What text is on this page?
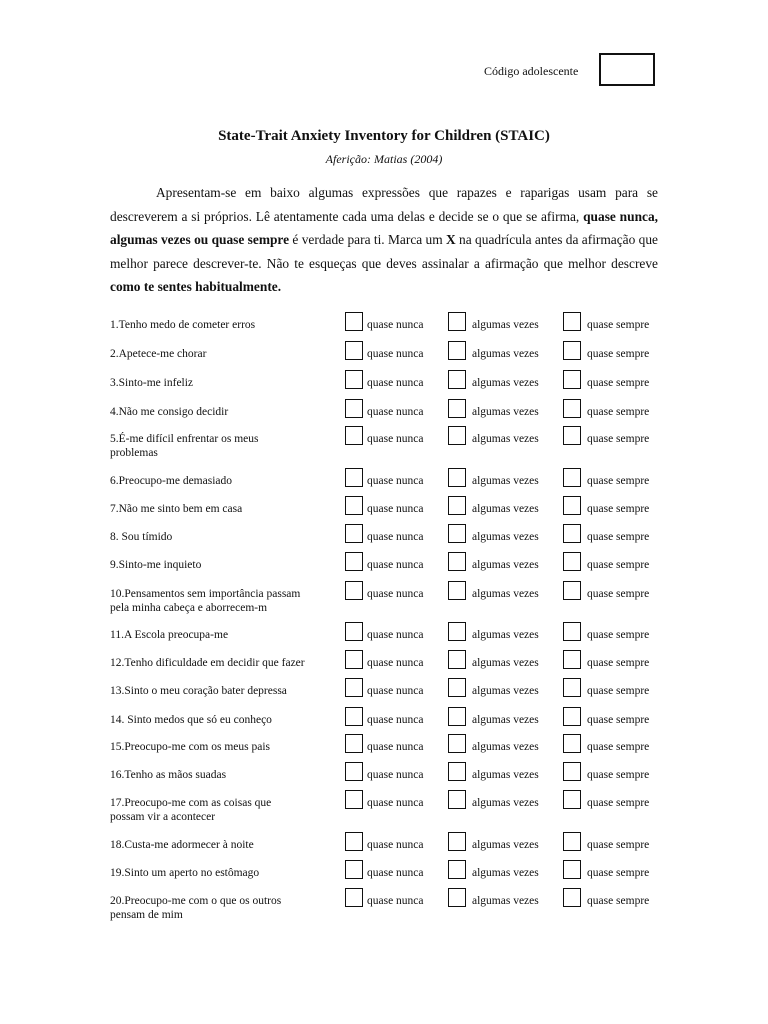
Código adolescente
State-Trait Anxiety Inventory for Children (STAIC)
Aferição: Matias (2004)

Apresentam-se em baixo algumas expressões que rapazes e raparigas usam para se descreverem a si próprios. Lê atentamente cada uma delas e decide se o que se afirma, quase nunca, algumas vezes ou quase sempre é verdade para ti. Marca um X na quadrícula antes da afirmação que melhor parece descrever-te. Não te esqueças que deves assinalar a afirmação que melhor descreve como te sentes habitualmente.

1.Tenho medo de cometer erros	quase nunca	algumas vezes	quase sempre
2.Apetece-me chorar	quase nunca	algumas vezes	quase sempre
3.Sinto-me infeliz	quase nunca	algumas vezes	quase sempre
4.Não me consigo decidir	quase nunca	algumas vezes	quase sempre
5.É-me difícil enfrentar os meus
problemas
quase nunca	algumas vezes	quase sempre
6.Preocupo-me demasiado	quase nunca	algumas vezes	quase sempre
7.Não me sinto bem em casa	quase nunca	algumas vezes	quase sempre
8. Sou tímido	quase nunca	algumas vezes	quase sempre
9.Sinto-me inquieto	quase nunca	algumas vezes	quase sempre
10.Pensamentos sem importância passam
pela minha cabeça e aborrecem-m
quase nunca	algumas vezes	quase sempre
11.A Escola preocupa-me	quase nunca	algumas vezes	quase sempre
12.Tenho dificuldade em decidir que fazer	quase nunca	algumas vezes	quase sempre
13.Sinto o meu coração bater depressa	quase nunca	algumas vezes	quase sempre
14. Sinto medos que só eu conheço	quase nunca	algumas vezes	quase sempre
15.Preocupo-me com os meus pais	quase nunca	algumas vezes	quase sempre
16.Tenho as mãos suadas	quase nunca	algumas vezes	quase sempre
17.Preocupo-me com as coisas que
possam vir a acontecer
quase nunca	algumas vezes	quase sempre
18.Custa-me adormecer à noite	quase nunca	algumas vezes	quase sempre
19.Sinto um aperto no estômago	quase nunca	algumas vezes	quase sempre
20.Preocupo-me com o que os outros
pensam de mim
quase nunca	algumas vezes	quase sempre
